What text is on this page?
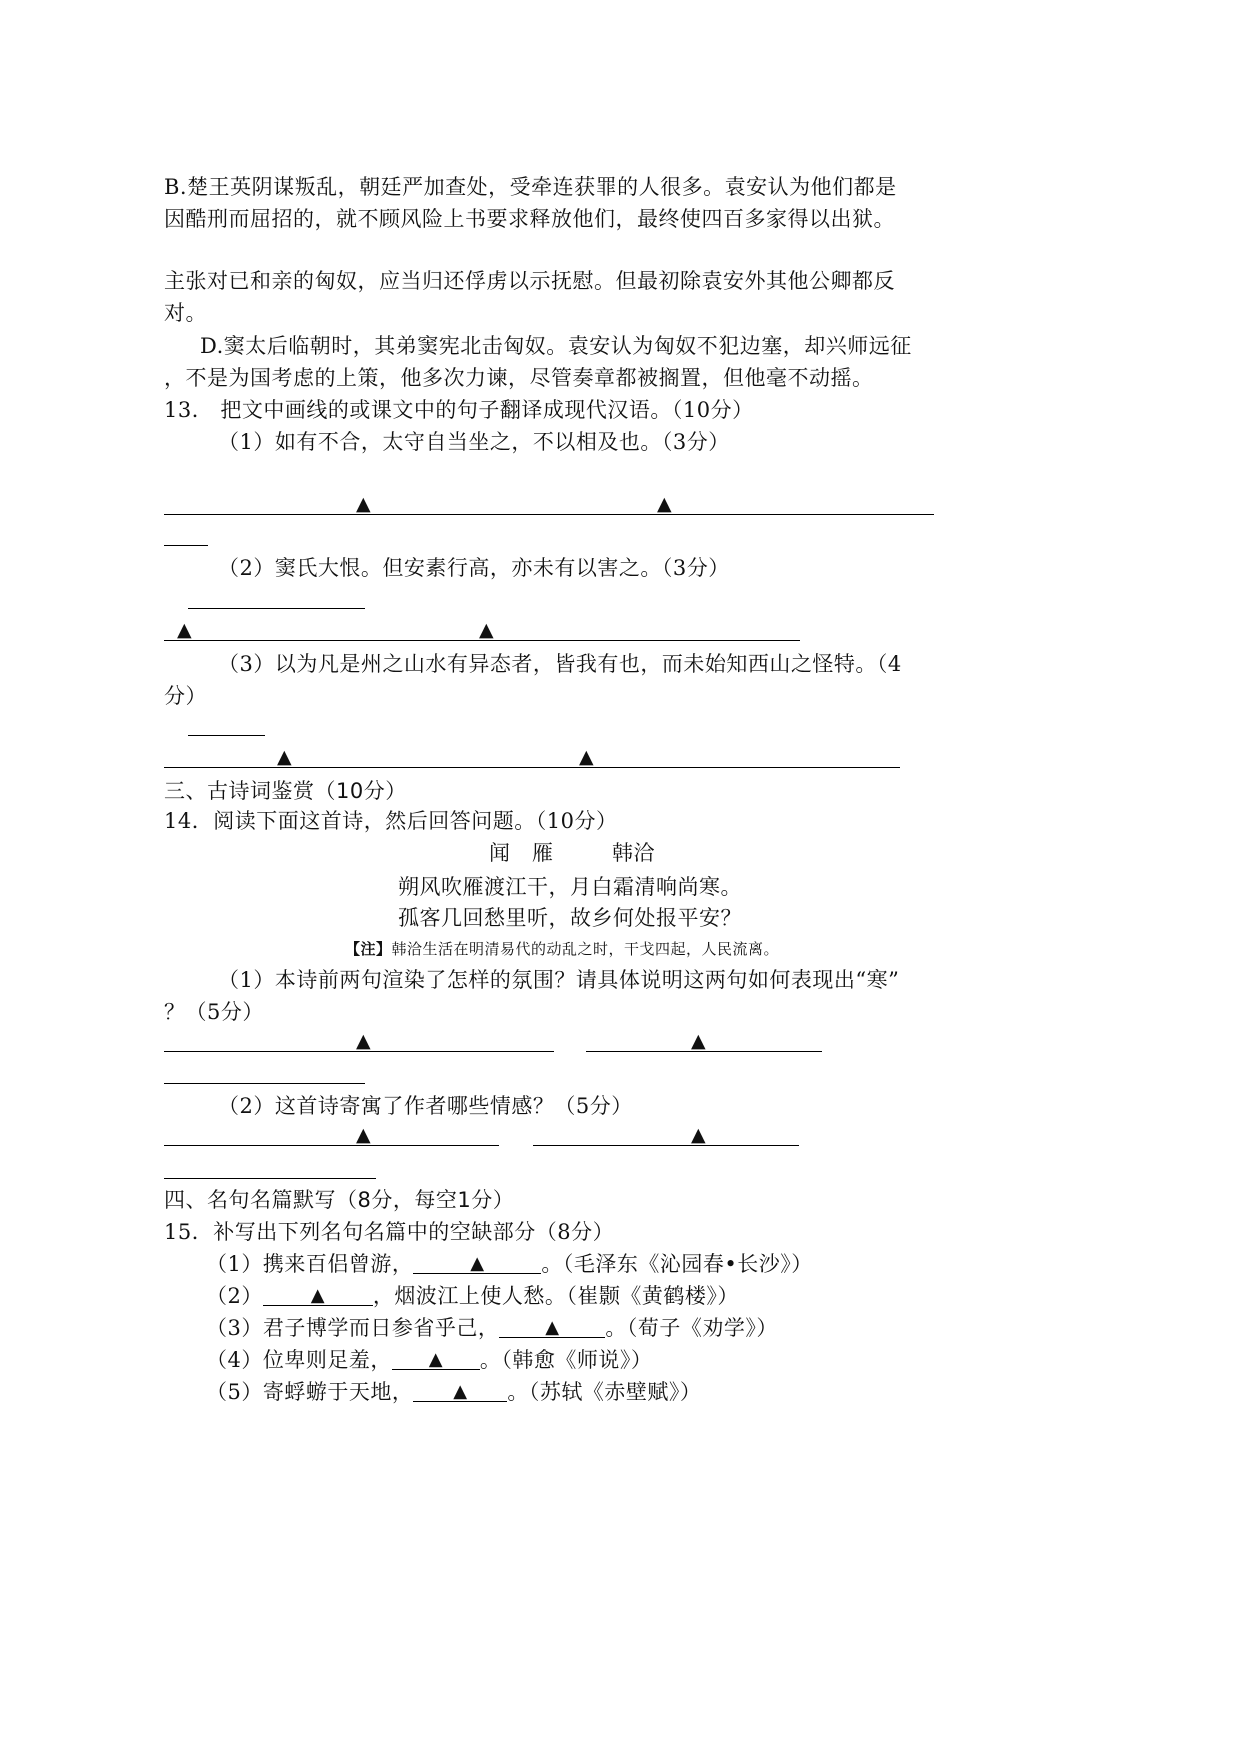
B.楚王英阴谋叛乱，朝廷严加查处，受牵连获罪的人很多。袁安认为他们都是
因酷刑而屈招的，就不顾风险上书要求释放他们，最终使四百多家得以出狱。
主张对已和亲的匈奴，应当归还俘虏以示抚慰。但最初除袁安外其他公卿都反
对。
D.窦太后临朝时，其弟窦宪北击匈奴。袁安认为匈奴不犯边塞，却兴师远征
，不是为国考虑的上策，他多次力谏，尽管奏章都被搁置，但他毫不动摇。
13． 把文中画线的或课文中的句子翻译成现代汉语。（10分）
（1）如有不合，太守自当坐之，不以相及也。（3分）
▲	▲
（2）窦氏大恨。但安素行高，亦未有以害之。（3分）
▲	▲
（3）以为凡是州之山水有异态者，皆我有也，而未始知西山之怪特。（4
分）
▲	▲
三、古诗词鉴赏（10分）
14．阅读下面这首诗，然后回答问题。（10分）
闻　雁	韩洽
朔风吹雁渡江干，月白霜清响尚寒。
孤客几回愁里听，故乡何处报平安？
【注】韩洽生活在明清易代的动乱之时，干戈四起，人民流离。
（1）本诗前两句渲染了怎样的氛围？请具体说明这两句如何表现出“寒”
？（5分）
▲	▲
（2）这首诗寄寓了作者哪些情感？（5分）
▲	▲
四、名句名篇默写（8分，每空1分）
15．补写出下列名句名篇中的空缺部分（8分）
（1）携来百侣曾游，	▲	。（毛泽东《沁园春•长沙》）
（2）	▲ ，烟波江上使人愁。（崔颢《黄鹤楼》）
（3）君子博学而日参省乎己，	▲ 。（荀子《劝学》）
（4）位卑则足羞， ▲ 。（韩愈《师说》）
（5）寄蜉蝣于天地， ▲ 。（苏轼《赤壁赋》）
